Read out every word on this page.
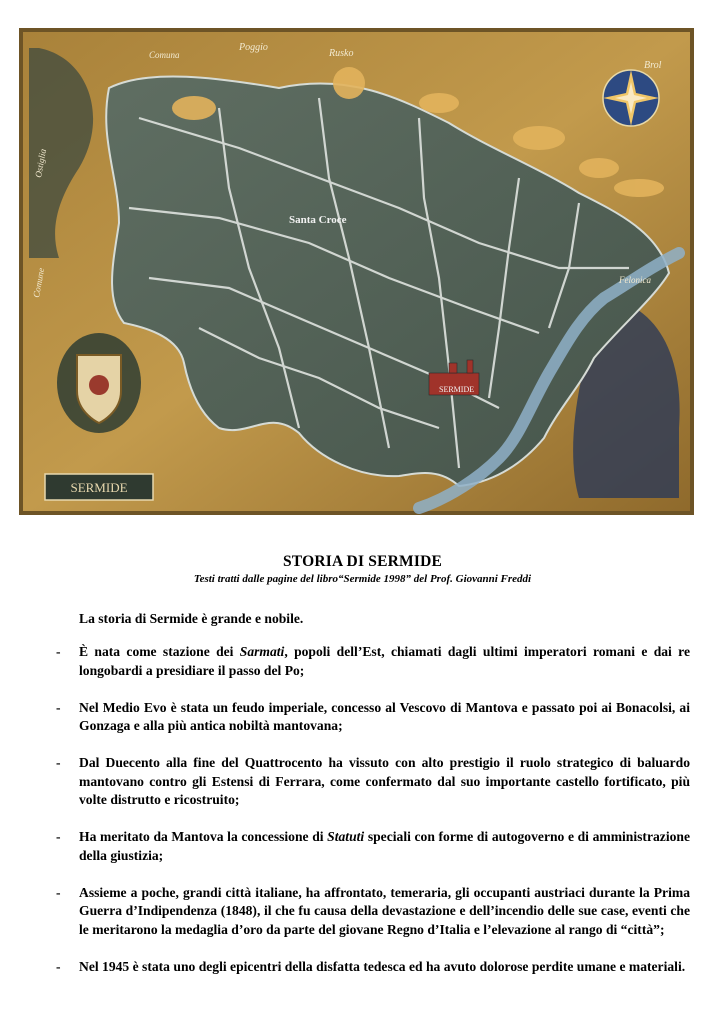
SERMIDE
Santa Croce
SERMIDE
Comuna
Poggio
Rusko
Brol
Felonica
Ostiglia
Comune
STORIA DI SERMIDE
Testi tratti dalle pagine del libro“Sermide 1998” del Prof. Giovanni Freddi
La storia di Sermide è grande e nobile.
- È nata come stazione dei Sarmati, popoli dell’Est, chiamati dagli ultimi imperatori romani e dai re longobardi a presidiare il passo del Po;
- Nel Medio Evo è stata un feudo imperiale, concesso al Vescovo di Mantova e passato poi ai Bonacolsi, ai Gonzaga e alla più antica nobiltà mantovana;
- Dal Duecento alla fine del Quattrocento ha vissuto con alto prestigio il ruolo strategico di baluardo mantovano contro gli Estensi di Ferrara, come confermato dal suo importante castello fortificato, più volte distrutto e ricostruito;
- Ha meritato da Mantova la concessione di Statuti speciali con forme di autogoverno e di amministrazione della giustizia;
- Assieme a poche, grandi città italiane, ha affrontato, temeraria, gli occupanti austriaci durante la Prima Guerra d’Indipendenza (1848), il che fu causa della devastazione e dell’incendio delle sue case, eventi che le meritarono la medaglia d’oro da parte del giovane Regno d’Italia e l’elevazione al rango di “città”;
- Nel 1945 è stata uno degli epicentri della disfatta tedesca ed ha avuto dolorose perdite umane e materiali.
